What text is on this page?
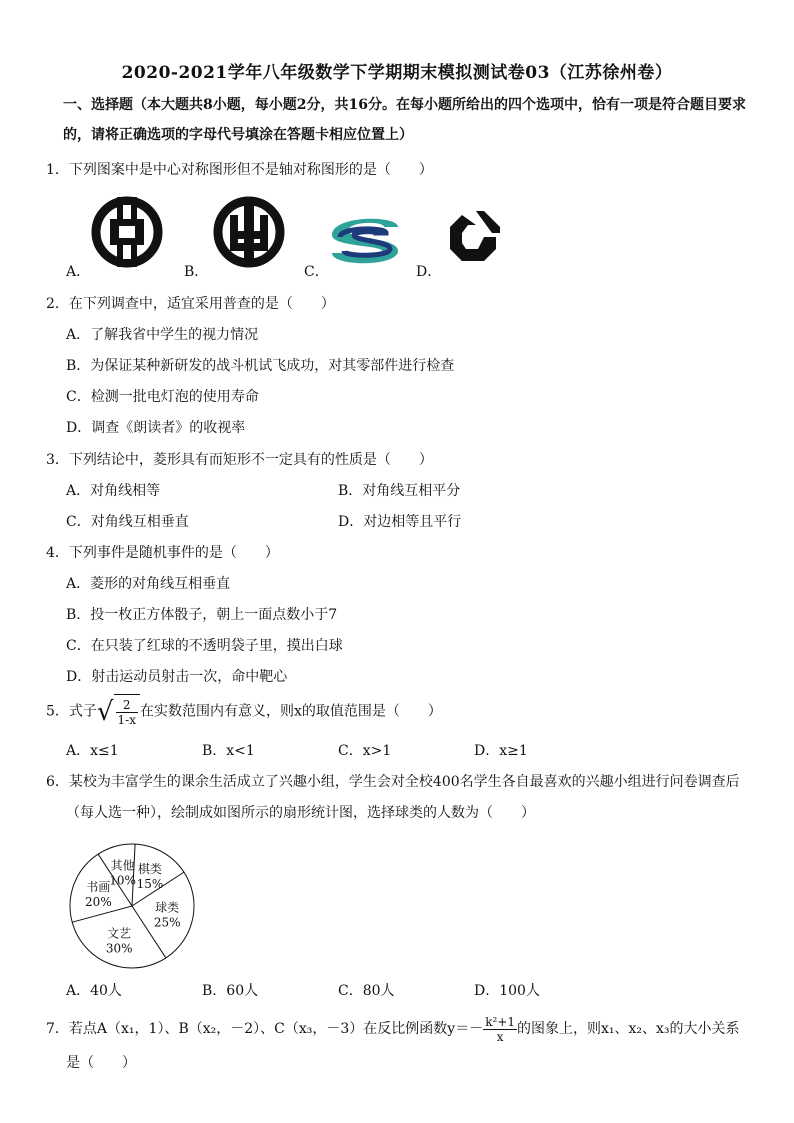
2020-2021学年八年级数学下学期期末模拟测试卷03（江苏徐州卷）
一、选择题（本大题共8小题，每小题2分，共16分。在每小题所给出的四个选项中，恰有一项是符合题目要求
的，请将正确选项的字母代号填涂在答题卡相应位置上）
1．下列图案中是中心对称图形但不是轴对称图形的是（　　）
A．	B．	C．	D．
2．在下列调查中，适宜采用普查的是（　　）
A．了解我省中学生的视力情况
B．为保证某种新研发的战斗机试飞成功，对其零部件进行检查
C．检测一批电灯泡的使用寿命
D．调查《朗读者》的收视率
3．下列结论中，菱形具有而矩形不一定具有的性质是（　　）
A．对角线相等	B．对角线互相平分
C．对角线互相垂直	D．对边相等且平行
4．下列事件是随机事件的是（　　）
A．菱形的对角线互相垂直
B．投一枚正方体骰子，朝上一面点数小于7
C．在只装了红球的不透明袋子里，摸出白球
D．射击运动员射击一次，命中靶心
5．式子√ $\frac{2}{1-x}$ 在实数范围内有意义，则x的取值范围是（　　）
A．x≤1	B．x<1	C．x>1	D．x≥1
6．某校为丰富学生的课余生活成立了兴趣小组，学生会对全校400名学生各自最喜欢的兴趣小组进行问卷调查后
（每人选一种），绘制成如图所示的扇形统计图，选择球类的人数为（　　）
其他
10%
棋类
15%
球类
25%
文艺
30%
书画
20%
A．40人	B．60人	C．80人	D．100人
7．若点A（x₁，1）、B（x₂，－2）、C（x₃，－3）在反比例函数$y=- \frac{\text{k²+1}}{x}$ 的图象上，则x₁、x₂、x₃的大小关系
是（　　）
